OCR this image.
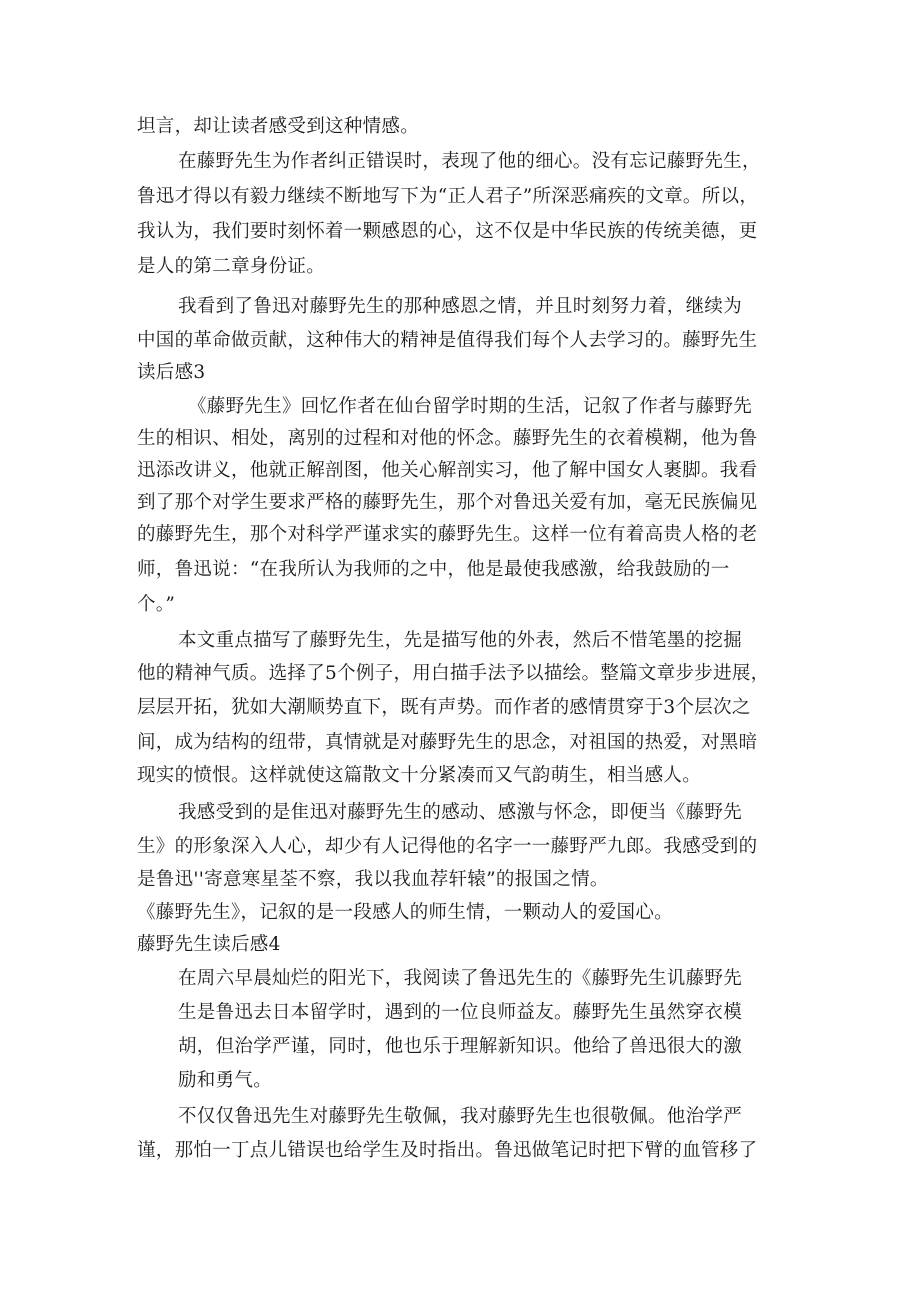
坦言，却让读者感受到这种情感。
在藤野先生为作者纠正错误时，表现了他的细心。没有忘记藤野先生，
鲁迅才得以有毅力继续不断地写下为“正人君子”所深恶痛疾的文章。所以，
我认为，我们要时刻怀着一颗感恩的心，这不仅是中华民族的传统美德，更
是人的第二章身份证。
我看到了鲁迅对藤野先生的那种感恩之情，并且时刻努力着，继续为
中国的革命做贡献，这种伟大的精神是值得我们每个人去学习的。藤野先生
读后感3
《藤野先生》回忆作者在仙台留学时期的生活，记叙了作者与藤野先
生的相识、相处，离别的过程和对他的怀念。藤野先生的衣着模糊，他为鲁
迅添改讲义，他就正解剖图，他关心解剖实习，他了解中国女人裹脚。我看
到了那个对学生要求严格的藤野先生，那个对鲁迅关爱有加，毫无民族偏见
的藤野先生，那个对科学严谨求实的藤野先生。这样一位有着高贵人格的老
师，鲁迅说：“在我所认为我师的之中，他是最使我感激，给我鼓励的一
个。”
本文重点描写了藤野先生，先是描写他的外表，然后不惜笔墨的挖掘
他的精神气质。选择了5个例子，用白描手法予以描绘。整篇文章步步进展，
层层开拓，犹如大潮顺势直下，既有声势。而作者的感情贯穿于3个层次之
间，成为结构的纽带，真情就是对藤野先生的思念，对祖国的热爱，对黑暗
现实的愤恨。这样就使这篇散文十分紧凑而又气韵萌生，相当感人。
我感受到的是隹迅对藤野先生的感动、感激与怀念，即便当《藤野先
生》的形象深入人心，却少有人记得他的名字一一藤野严九郎。我感受到的
是鲁迅''寄意寒星荃不察，我以我血荐轩辕”的报国之情。
《藤野先生》，记叙的是一段感人的师生情，一颗动人的爱国心。
藤野先生读后感4
在周六早晨灿烂的阳光下，我阅读了鲁迅先生的《藤野先生讥藤野先
生是鲁迅去日本留学时，遇到的一位良师益友。藤野先生虽然穿衣模
胡，但治学严谨，同时，他也乐于理解新知识。他给了兽迅很大的激
励和勇气。
不仅仅鲁迅先生对藤野先生敬佩，我对藤野先生也很敬佩。他治学严
谨，那怕一丁点儿错误也给学生及时指出。鲁迅做笔记时把下臂的血管移了
